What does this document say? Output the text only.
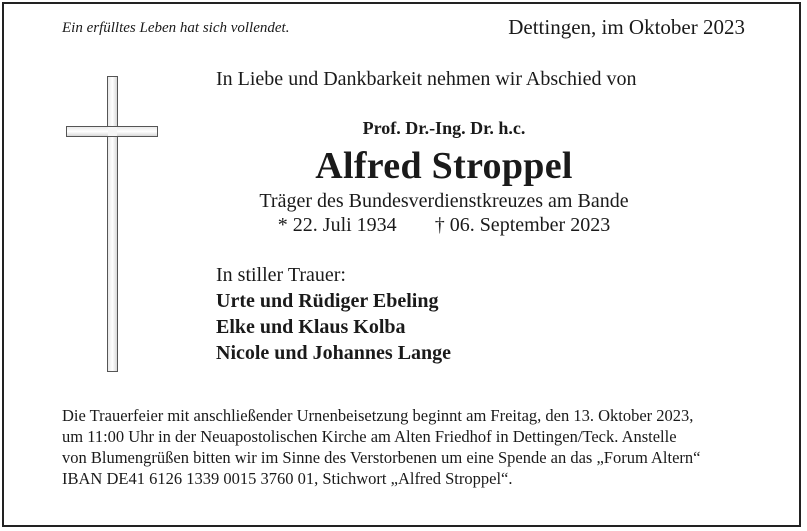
Ein erfülltes Leben hat sich vollendet.	Dettingen, im Oktober 2023
In Liebe und Dankbarkeit nehmen wir Abschied von
Prof. Dr.-Ing. Dr. h.c.
Alfred Stroppel
Träger des Bundesverdienstkreuzes am Bande
* 22. Juli 1934 † 06. September 2023
In stiller Trauer:
Urte und Rüdiger Ebeling
Elke und Klaus Kolba
Nicole und Johannes Lange
Die Trauerfeier mit anschließender Urnenbeisetzung beginnt am Freitag, den 13. Oktober 2023,
um 11:00 Uhr in der Neuapostolischen Kirche am Alten Friedhof in Dettingen/Teck. Anstelle
von Blumengrüßen bitten wir im Sinne des Verstorbenen um eine Spende an das „Forum Altern“
IBAN DE41 6126 1339 0015 3760 01, Stichwort „Alfred Stroppel“.
